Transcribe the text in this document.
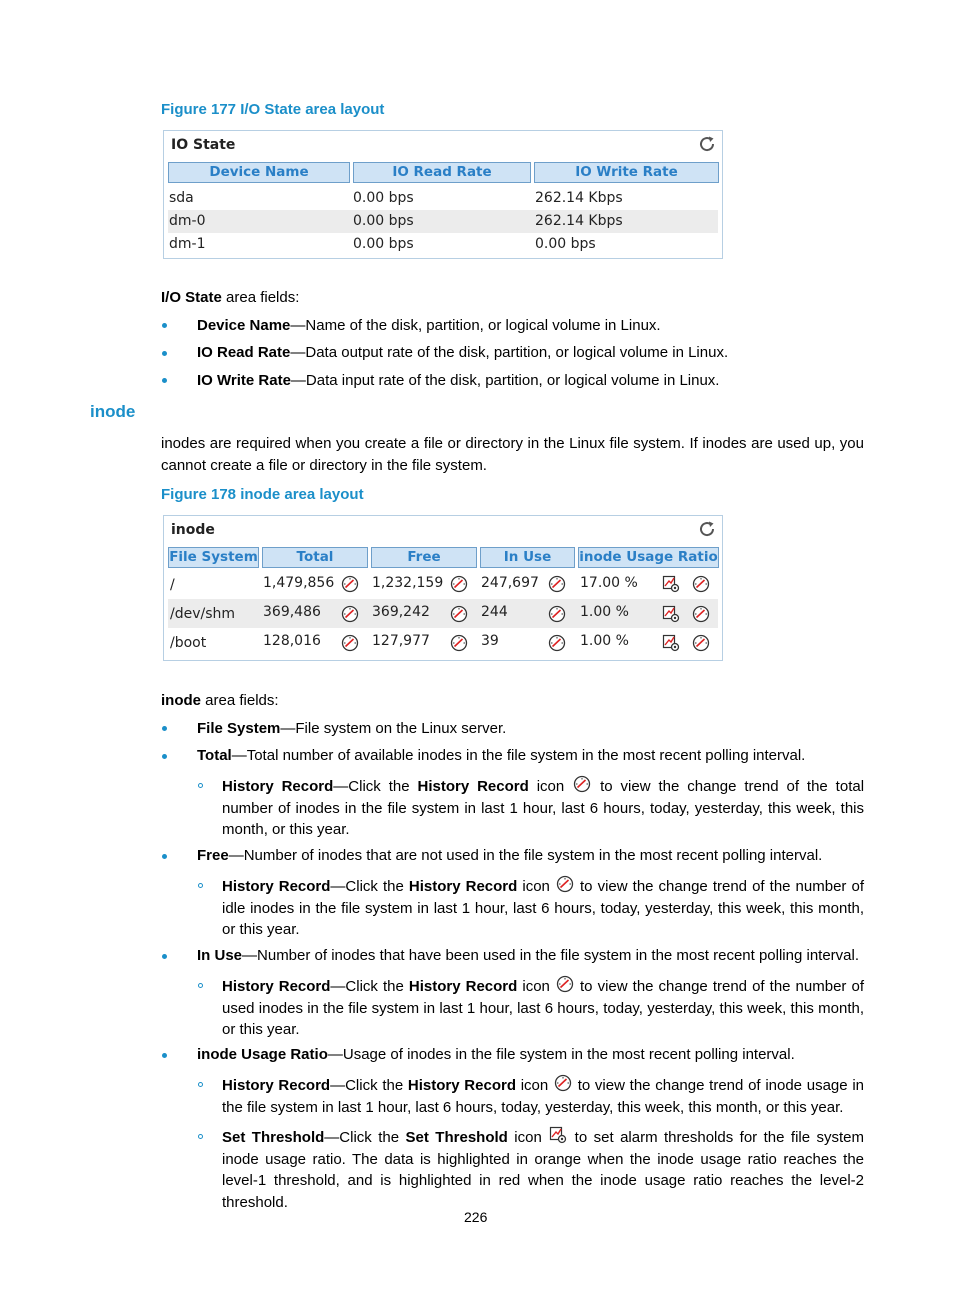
Figure 177 I/O State area layout
IO State
Device Name	IO Read Rate	IO Write Rate
sda	0.00 bps	262.14 Kbps
dm-0	0.00 bps	262.14 Kbps
dm-1	0.00 bps	0.00 bps
I/O State area fields:
Device Name—Name of the disk, partition, or logical volume in Linux.
IO Read Rate—Data output rate of the disk, partition, or logical volume in Linux.
IO Write Rate—Data input rate of the disk, partition, or logical volume in Linux.
inode
inodes are required when you create a file or directory in the Linux file system. If inodes are used up, you cannot create a file or directory in the file system.
Figure 178 inode area layout
inode
File System	Total	Free	In Use	inode Usage Ratio
/	1,479,856	1,232,159	247,697	17.00 %
/dev/shm 369,486	369,242	244	1.00 %
/boot	128,016	127,977	39	1.00 %
inode area fields:
File System—File system on the Linux server.
Total—Total number of available inodes in the file system in the most recent polling interval.
History Record—Click the History Record icon  to view the change trend of the total number of inodes in the file system in last 1 hour, last 6 hours, today, yesterday, this week, this month, or this year.
Free—Number of inodes that are not used in the file system in the most recent polling interval.
History Record—Click the History Record icon  to view the change trend of the number of idle inodes in the file system in last 1 hour, last 6 hours, today, yesterday, this week, this month, or this year.
In Use—Number of inodes that have been used in the file system in the most recent polling interval.
History Record—Click the History Record icon  to view the change trend of the number of used inodes in the file system in last 1 hour, last 6 hours, today, yesterday, this week, this month, or this year.
inode Usage Ratio—Usage of inodes in the file system in the most recent polling interval.
History Record—Click the History Record icon  to view the change trend of inode usage in the file system in last 1 hour, last 6 hours, today, yesterday, this week, this month, or this year.
Set Threshold—Click the Set Threshold icon  to set alarm thresholds for the file system inode usage ratio. The data is highlighted in orange when the inode usage ratio reaches the level-1 threshold, and is highlighted in red when the inode usage ratio reaches the level-2 threshold.
226
